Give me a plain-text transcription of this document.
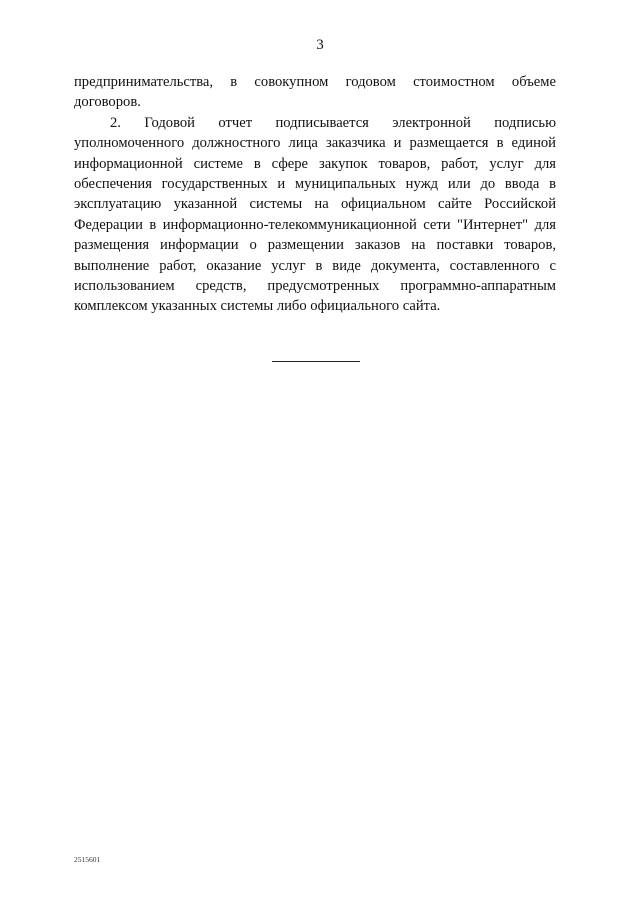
3

предпринимательства, в совокупном годовом стоимостном объеме договоров.

2. Годовой отчет подписывается электронной подписью уполномоченного должностного лица заказчика и размещается в единой информационной системе в сфере закупок товаров, работ, услуг для обеспечения государственных и муниципальных нужд или до ввода в эксплуатацию указанной системы на официальном сайте Российской Федерации в информационно-телекоммуникационной сети "Интернет" для размещения информации о размещении заказов на поставки товаров, выполнение работ, оказание услуг в виде документа, составленного с использованием средств, предусмотренных программно-аппаратным комплексом указанных системы либо официального сайта.

2515601
